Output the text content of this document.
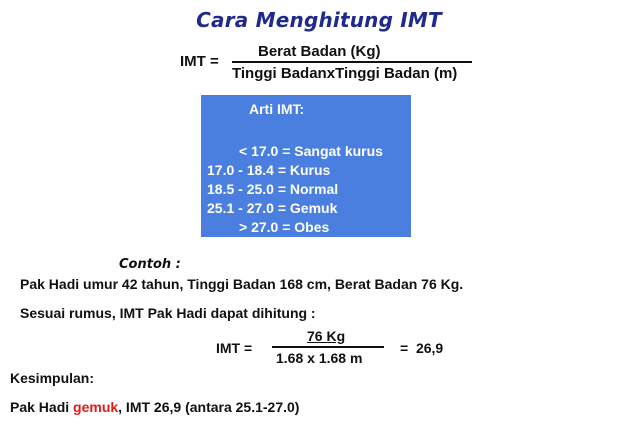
Cara Menghitung IMT
IMT =
Berat Badan (Kg)
Tinggi BadanxTinggi Badan (m)
Arti IMT:
< 17.0 = Sangat kurus
17.0 - 18.4 = Kurus
18.5 - 25.0 = Normal
25.1 - 27.0 = Gemuk
> 27.0 = Obes
Contoh :
Pak Hadi umur 42 tahun, Tinggi Badan 168 cm, Berat Badan 76 Kg.
Sesuai rumus, IMT Pak Hadi dapat dihitung :
IMT =
76 Kg
1.68 x 1.68 m
=  26,9
Kesimpulan:
Pak Hadi gemuk, IMT 26,9 (antara 25.1-27.0)
